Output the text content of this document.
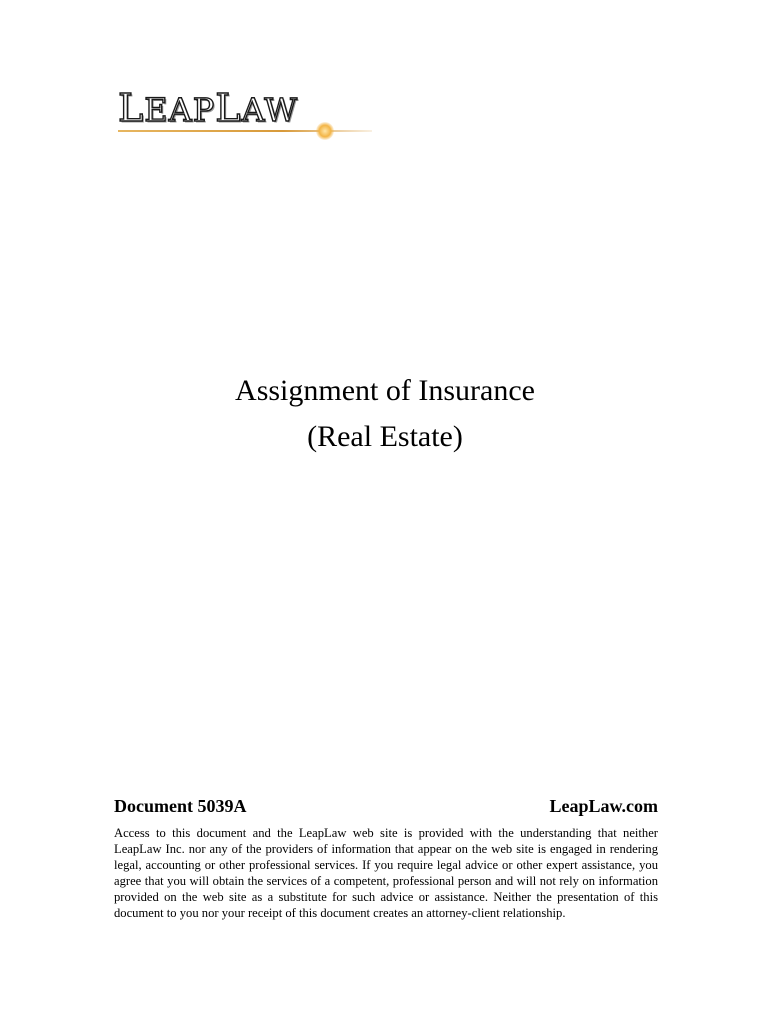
LEAPLAW
Assignment of Insurance
(Real Estate)
Document 5039A	LeapLaw.com

Access to this document and the LeapLaw web site is provided with the understanding that neither LeapLaw Inc. nor any of the providers of information that appear on the web site is engaged in rendering legal, accounting or other professional services. If you require legal advice or other expert assistance, you agree that you will obtain the services of a competent, professional person and will not rely on information provided on the web site as a substitute for such advice or assistance. Neither the presentation of this document to you nor your receipt of this document creates an attorney-client relationship.
